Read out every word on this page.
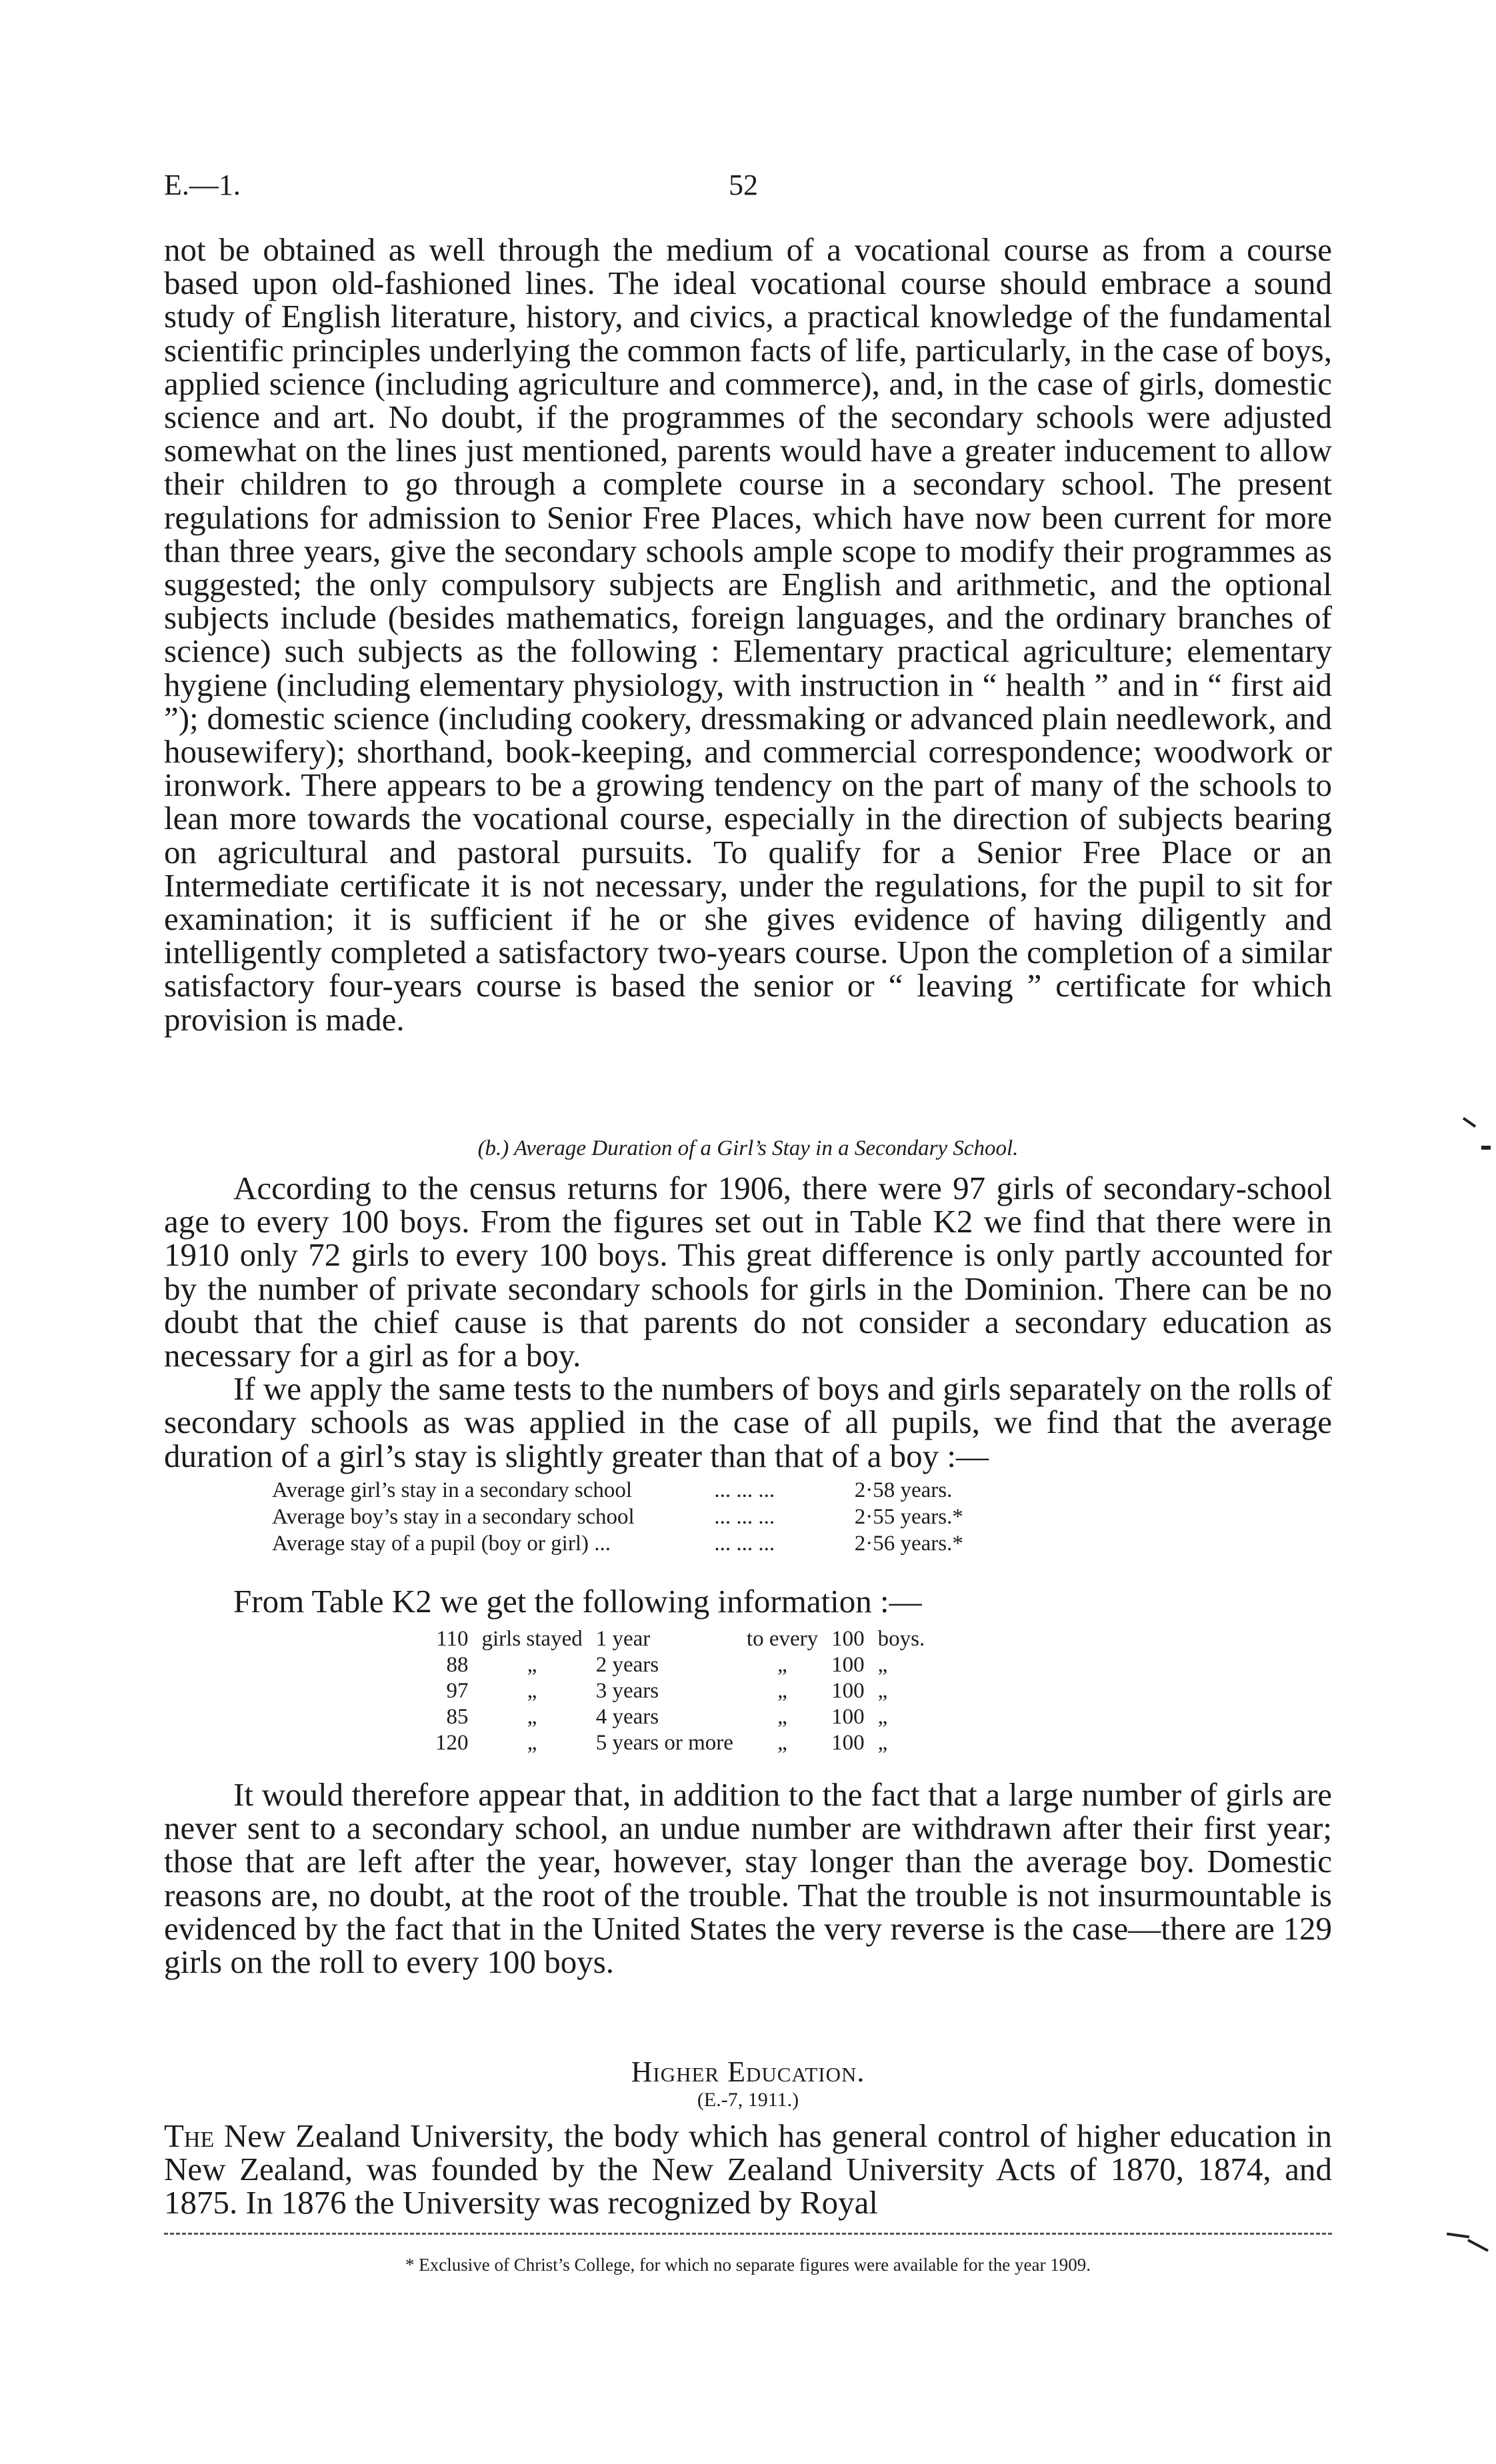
E.—1.	52

not be obtained as well through the medium of a vocational course as from a course based upon old-fashioned lines. The ideal vocational course should embrace a sound study of English literature, history, and civics, a practical knowledge of the fundamental scientific principles underlying the common facts of life, particularly, in the case of boys, applied science (including agriculture and commerce), and, in the case of girls, domestic science and art. No doubt, if the programmes of the secondary schools were adjusted somewhat on the lines just mentioned, parents would have a greater inducement to allow their children to go through a complete course in a secondary school. The present regulations for admission to Senior Free Places, which have now been current for more than three years, give the secondary schools ample scope to modify their programmes as suggested; the only compulsory subjects are English and arithmetic, and the optional subjects include (besides mathematics, foreign languages, and the ordinary branches of science) such subjects as the following : Elementary practical agriculture; elementary hygiene (including elementary physiology, with instruction in “ health ” and in “ first aid ”); domestic science (including cookery, dressmaking or advanced plain needlework, and housewifery); shorthand, book-keeping, and commercial correspondence; woodwork or ironwork. There appears to be a growing tendency on the part of many of the schools to lean more towards the vocational course, especially in the direction of subjects bearing on agricultural and pastoral pursuits. To qualify for a Senior Free Place or an Intermediate certificate it is not necessary, under the regulations, for the pupil to sit for examination; it is sufficient if he or she gives evidence of having diligently and intelligently completed a satisfactory two-years course. Upon the completion of a similar satisfactory four-years course is based the senior or “ leaving ” certificate for which provision is made.

(b.) Average Duration of a Girl’s Stay in a Secondary School.

According to the census returns for 1906, there were 97 girls of secondary-school age to every 100 boys. From the figures set out in Table K2 we find that there were in 1910 only 72 girls to every 100 boys. This great difference is only partly accounted for by the number of private secondary schools for girls in the Dominion. There can be no doubt that the chief cause is that parents do not consider a secondary education as necessary for a girl as for a boy.

If we apply the same tests to the numbers of boys and girls separately on the rolls of secondary schools as was applied in the case of all pupils, we find that the average duration of a girl’s stay is slightly greater than that of a boy :—

Average girl’s stay in a secondary school	... ... ...	2·58 years.
Average boy’s stay in a secondary school	... ... ...	2·55 years.*
Average stay of a pupil (boy or girl) ...	... ... ...	2·56 years.*
From Table K2 we get the following information :—
110	girls stayed	1 year	to every	100	boys.
88	„	2 years	„	100	„
97	„	3 years	„	100	„
85	„	4 years	„	100	„
120	„	5 years or more	„	100	„

It would therefore appear that, in addition to the fact that a large number of girls are never sent to a secondary school, an undue number are withdrawn after their first year; those that are left after the year, however, stay longer than the average boy. Domestic reasons are, no doubt, at the root of the trouble. That the trouble is not insurmountable is evidenced by the fact that in the United States the very reverse is the case—there are 129 girls on the roll to every 100 boys.

Higher Education.
(E.-7, 1911.)

The New Zealand University, the body which has general control of higher education in New Zealand, was founded by the New Zealand University Acts of 1870, 1874, and 1875. In 1876 the University was recognized by Royal

* Exclusive of Christ’s College, for which no separate figures were available for the year 1909.
